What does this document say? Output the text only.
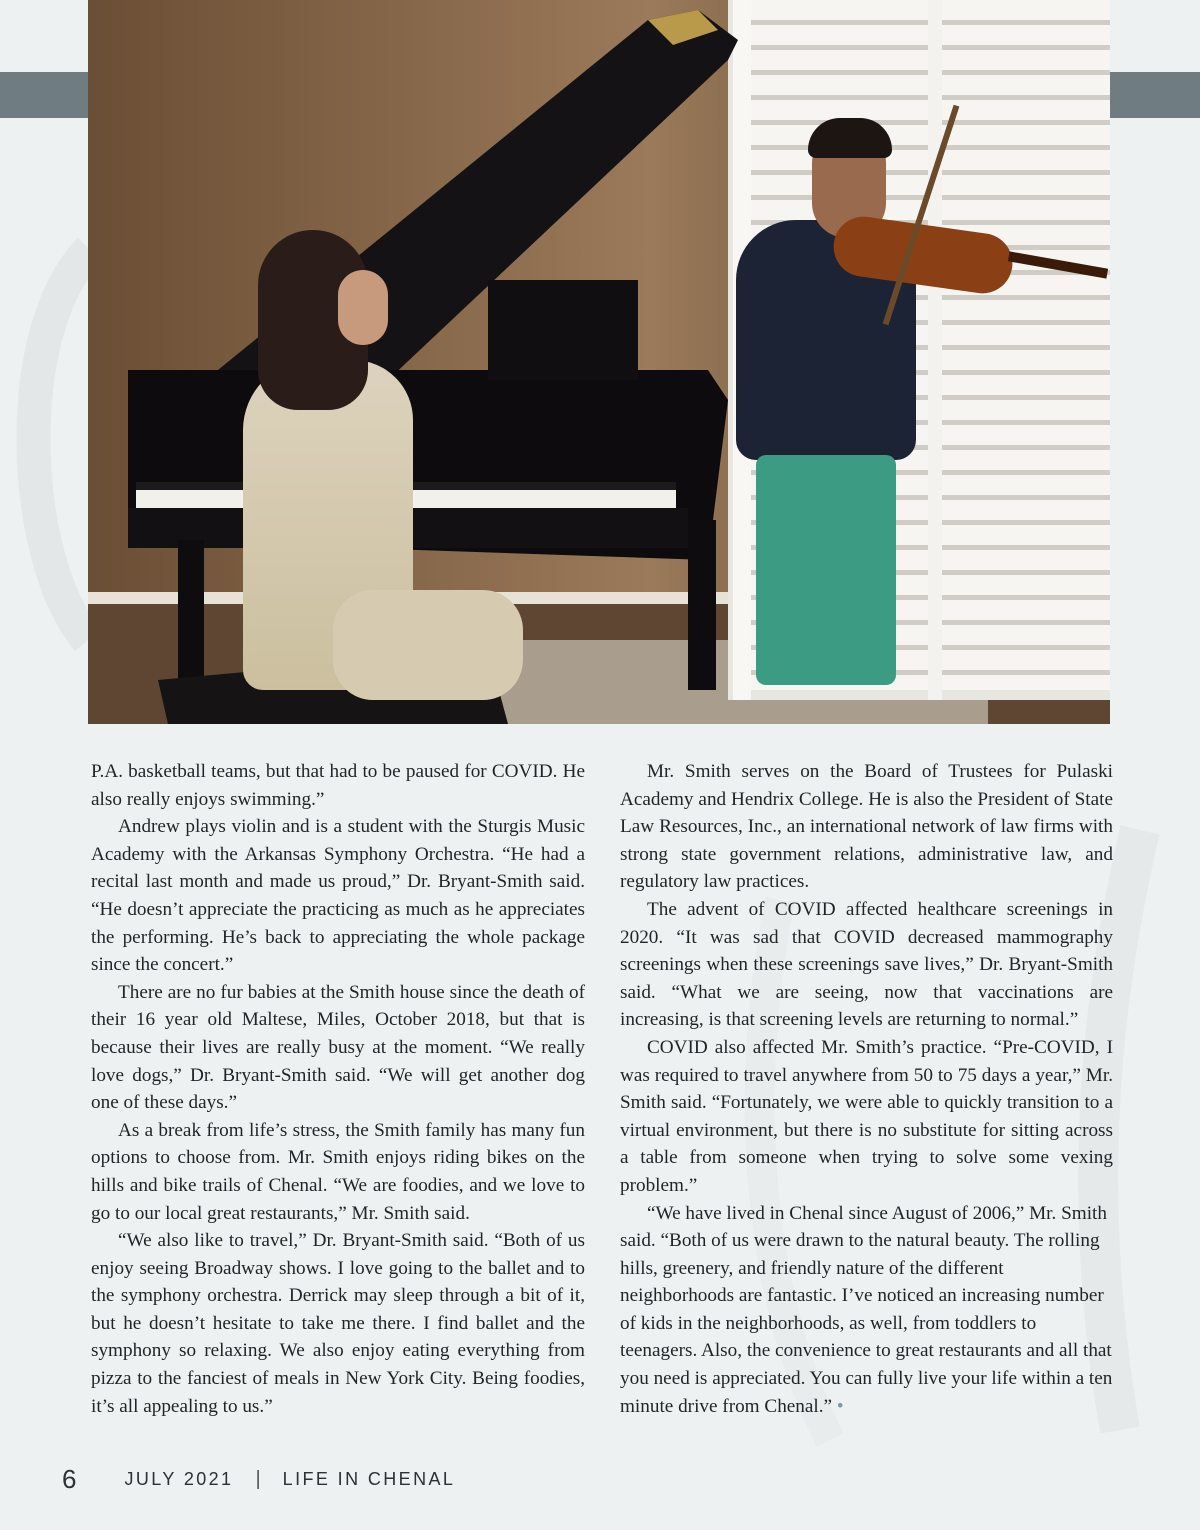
P.A. basketball teams, but that had to be paused for COVID. He also really enjoys swimming.”

Andrew plays violin and is a student with the Sturgis Music Academy with the Arkansas Symphony Orchestra. “He had a recital last month and made us proud,” Dr. Bryant-Smith said. “He doesn’t appreciate the practicing as much as he appreciates the performing. He’s back to appreciating the whole package since the concert.”

There are no fur babies at the Smith house since the death of their 16 year old Maltese, Miles, October 2018, but that is because their lives are really busy at the moment. “We really love dogs,” Dr. Bryant-Smith said. “We will get another dog one of these days.”

As a break from life’s stress, the Smith family has many fun options to choose from. Mr. Smith enjoys riding bikes on the hills and bike trails of Chenal. “We are foodies, and we love to go to our local great restaurants,” Mr. Smith said.

“We also like to travel,” Dr. Bryant-Smith said. “Both of us enjoy seeing Broadway shows. I love going to the ballet and to the symphony orchestra. Derrick may sleep through a bit of it, but he doesn’t hesitate to take me there. I find ballet and the symphony so relaxing. We also enjoy eating everything from pizza to the fanciest of meals in New York City. Being foodies, it’s all appealing to us.”

Mr. Smith serves on the Board of Trustees for Pulaski Academy and Hendrix College. He is also the President of State Law Resources, Inc., an international network of law firms with strong state government relations, administrative law, and regulatory law practices.

The advent of COVID affected healthcare screenings in 2020. “It was sad that COVID decreased mammography screenings when these screenings save lives,” Dr. Bryant-Smith said. “What we are seeing, now that vaccinations are increasing, is that screening levels are returning to normal.”

COVID also affected Mr. Smith’s practice. “Pre-COVID, I was required to travel anywhere from 50 to 75 days a year,” Mr. Smith said. “Fortunately, we were able to quickly transition to a virtual environment, but there is no substitute for sitting across a table from someone when trying to solve some vexing problem.”

“We have lived in Chenal since August of 2006,” Mr. Smith said. “Both of us were drawn to the natural beauty. The rolling hills, greenery, and friendly nature of the different neighborhoods are fantastic. I’ve noticed an increasing number of kids in the neighborhoods, as well, from toddlers to teenagers. Also, the convenience to great restaurants and all that you need is appreciated. You can fully live your life within a ten minute drive from Chenal.” •

6	JULY 2021 | LIFE IN CHENAL
